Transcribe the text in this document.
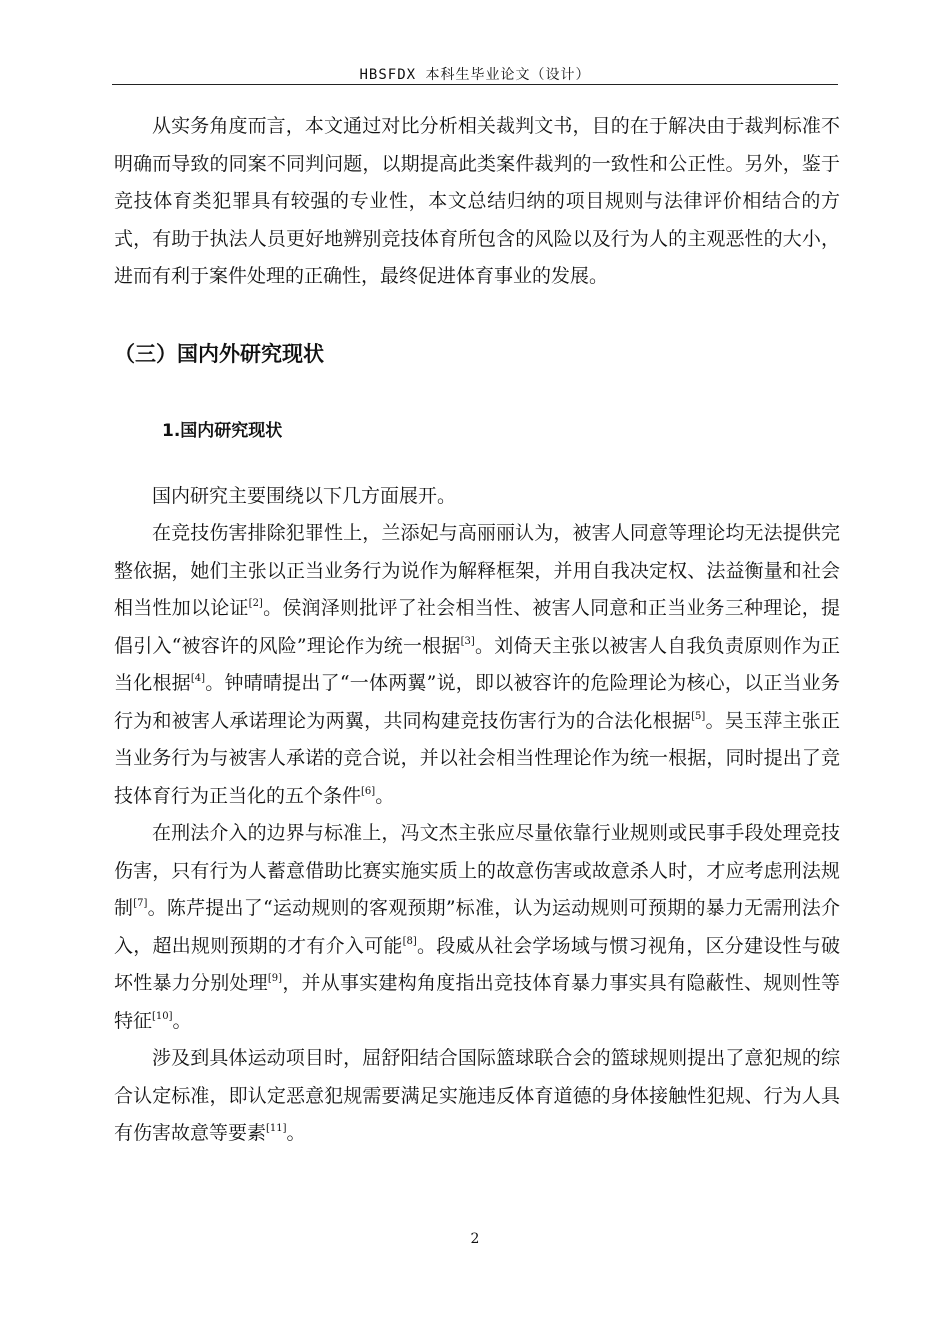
HBSFDX 本科生毕业论文（设计）

从实务角度而言，本文通过对比分析相关裁判文书，目的在于解决由于裁判标准不明确而导致的同案不同判问题，以期提高此类案件裁判的一致性和公正性。另外，鉴于竞技体育类犯罪具有较强的专业性，本文总结归纳的项目规则与法律评价相结合的方式，有助于执法人员更好地辨别竞技体育所包含的风险以及行为人的主观恶性的大小，进而有利于案件处理的正确性，最终促进体育事业的发展。

（三）国内外研究现状
1.国内研究现状

国内研究主要围绕以下几方面展开。

在竞技伤害排除犯罪性上，兰添妃与高丽丽认为，被害人同意等理论均无法提供完整依据，她们主张以正当业务行为说作为解释框架，并用自我决定权、法益衡量和社会相当性加以论证[2]。侯润泽则批评了社会相当性、被害人同意和正当业务三种理论，提倡引入“被容许的风险”理论作为统一根据[3]。刘倚天主张以被害人自我负责原则作为正当化根据[4]。钟晴晴提出了“一体两翼”说，即以被容许的危险理论为核心，以正当业务行为和被害人承诺理论为两翼，共同构建竞技伤害行为的合法化根据[5]。吴玉萍主张正当业务行为与被害人承诺的竞合说，并以社会相当性理论作为统一根据，同时提出了竞技体育行为正当化的五个条件[6]。

在刑法介入的边界与标准上，冯文杰主张应尽量依靠行业规则或民事手段处理竞技伤害，只有行为人蓄意借助比赛实施实质上的故意伤害或故意杀人时，才应考虑刑法规制[7]。陈芹提出了“运动规则的客观预期”标准，认为运动规则可预期的暴力无需刑法介入，超出规则预期的才有介入可能[8]。段威从社会学场域与惯习视角，区分建设性与破坏性暴力分别处理[9]，并从事实建构角度指出竞技体育暴力事实具有隐蔽性、规则性等特征[10]。

涉及到具体运动项目时，屈舒阳结合国际篮球联合会的篮球规则提出了意犯规的综合认定标准，即认定恶意犯规需要满足实施违反体育道德的身体接触性犯规、行为人具有伤害故意等要素[11]。

2
